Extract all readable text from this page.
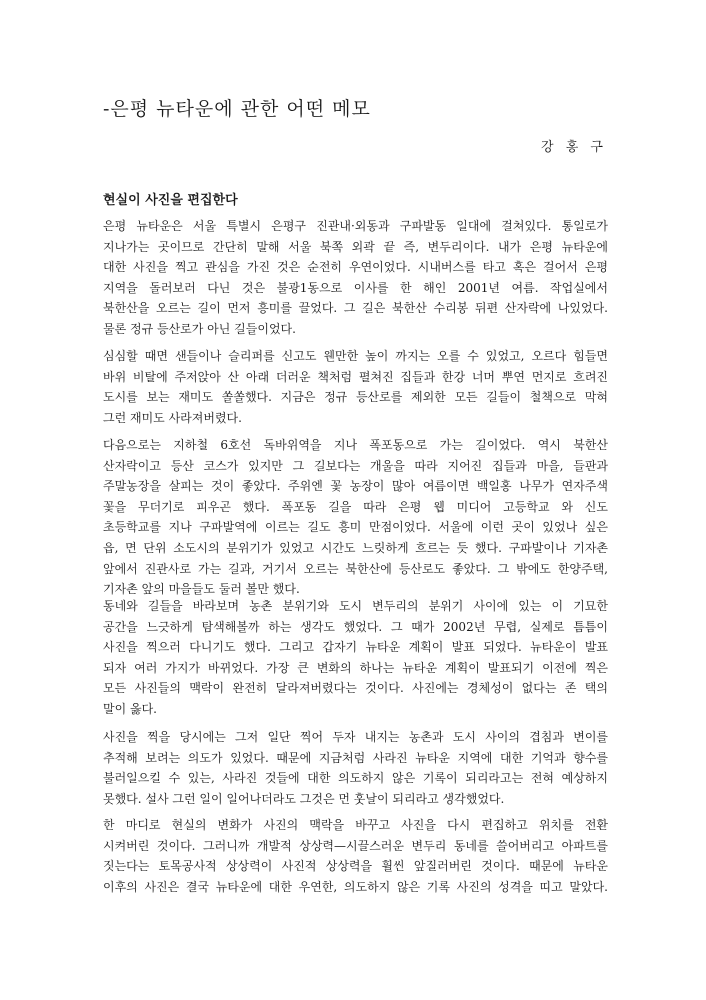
-은평 뉴타운에 관한 어떤 메모
강 홍 구
현실이 사진을 편집한다
은평 뉴타운은 서울 특별시 은평구 진관내·외동과 구파발동 일대에 걸쳐있다. 통일로가
지나가는 곳이므로 간단히 말해 서울 북쪽 외곽 끝 즉, 변두리이다. 내가 은평 뉴타운에
대한 사진을 찍고 관심을 가진 것은 순전히 우연이었다. 시내버스를 타고 혹은 걸어서 은평
지역을 돌러보러 다닌 것은 불광1동으로 이사를 한 해인 2001년 여름. 작업실에서
북한산을 오르는 길이 먼저 흥미를 끌었다. 그 길은 북한산 수리봉 뒤편 산자락에 나있었다.
물론 정규 등산로가 아닌 길들이었다.
심심할 때면 샌들이나 슬리퍼를 신고도 웬만한 높이 까지는 오를 수 있었고, 오르다 힘들면
바위 비탈에 주저앉아 산 아래 더러운 책처럼 펼쳐진 집들과 한강 너머 뿌연 먼지로 흐려진
도시를 보는 재미도 쏠쏠했다. 지금은 정규 등산로를 제외한 모든 길들이 철책으로 막혀
그런 재미도 사라져버렸다.
다음으로는 지하철 6호선 독바위역을 지나 폭포동으로 가는 길이었다. 역시 북한산
산자락이고 등산 코스가 있지만 그 길보다는 개울을 따라 지어진 집들과 마을, 들판과
주말농장을 살피는 것이 좋았다. 주위엔 꽃 농장이 많아 여름이면 백일홍 나무가 연자주색
꽃을 무더기로 피우곤 했다. 폭포동 길을 따라 은평 웹 미디어 고등학교 와 신도
초등학교를 지나 구파발역에 이르는 길도 흥미 만점이었다. 서울에 이런 곳이 있었나 싶은
읍, 면 단위 소도시의 분위기가 있었고 시간도 느릿하게 흐르는 듯 했다. 구파발이나 기자촌
앞에서 진관사로 가는 길과, 거기서 오르는 북한산에 등산로도 좋았다. 그 밖에도 한양주택,
기자촌 앞의 마을들도 둘러 볼만 했다.
동네와 길들을 바라보며 농촌 분위기와 도시 변두리의 분위기 사이에 있는 이 기묘한
공간을 느긋하게 탐색해볼까 하는 생각도 했었다. 그 때가 2002년 무렵, 실제로 틈틈이
사진을 찍으러 다니기도 했다. 그리고 갑자기 뉴타운 계획이 발표 되었다. 뉴타운이 발표
되자 여러 가지가 바뀌었다. 가장 큰 변화의 하나는 뉴타운 계획이 발표되기 이전에 찍은
모든 사진들의 맥락이 완전히 달라져버렸다는 것이다. 사진에는 경체성이 없다는 존 택의
말이 옳다.
사진을 찍을 당시에는 그저 일단 찍어 두자 내지는 농촌과 도시 사이의 겹침과 변이를
추적해 보려는 의도가 있었다. 때문에 지금처럼 사라진 뉴타운 지역에 대한 기억과 향수를
불러일으킬 수 있는, 사라진 것들에 대한 의도하지 않은 기록이 되리라고는 전혀 예상하지
못했다. 설사 그런 일이 일어나더라도 그것은 먼 훗날이 되리라고 생각했었다.
한 마디로 현실의 변화가 사진의 맥락을 바꾸고 사진을 다시 편집하고 위치를 전환
시켜버린 것이다. 그러니까 개발적 상상력—시끌스러운 변두리 동네를 쓸어버리고 아파트를
짓는다는 토목공사적 상상력이 사진적 상상력을 휠씬 앞질러버린 것이다. 때문에 뉴타운
이후의 사진은 결국 뉴타운에 대한 우연한, 의도하지 않은 기록 사진의 성격을 띠고 말았다.
